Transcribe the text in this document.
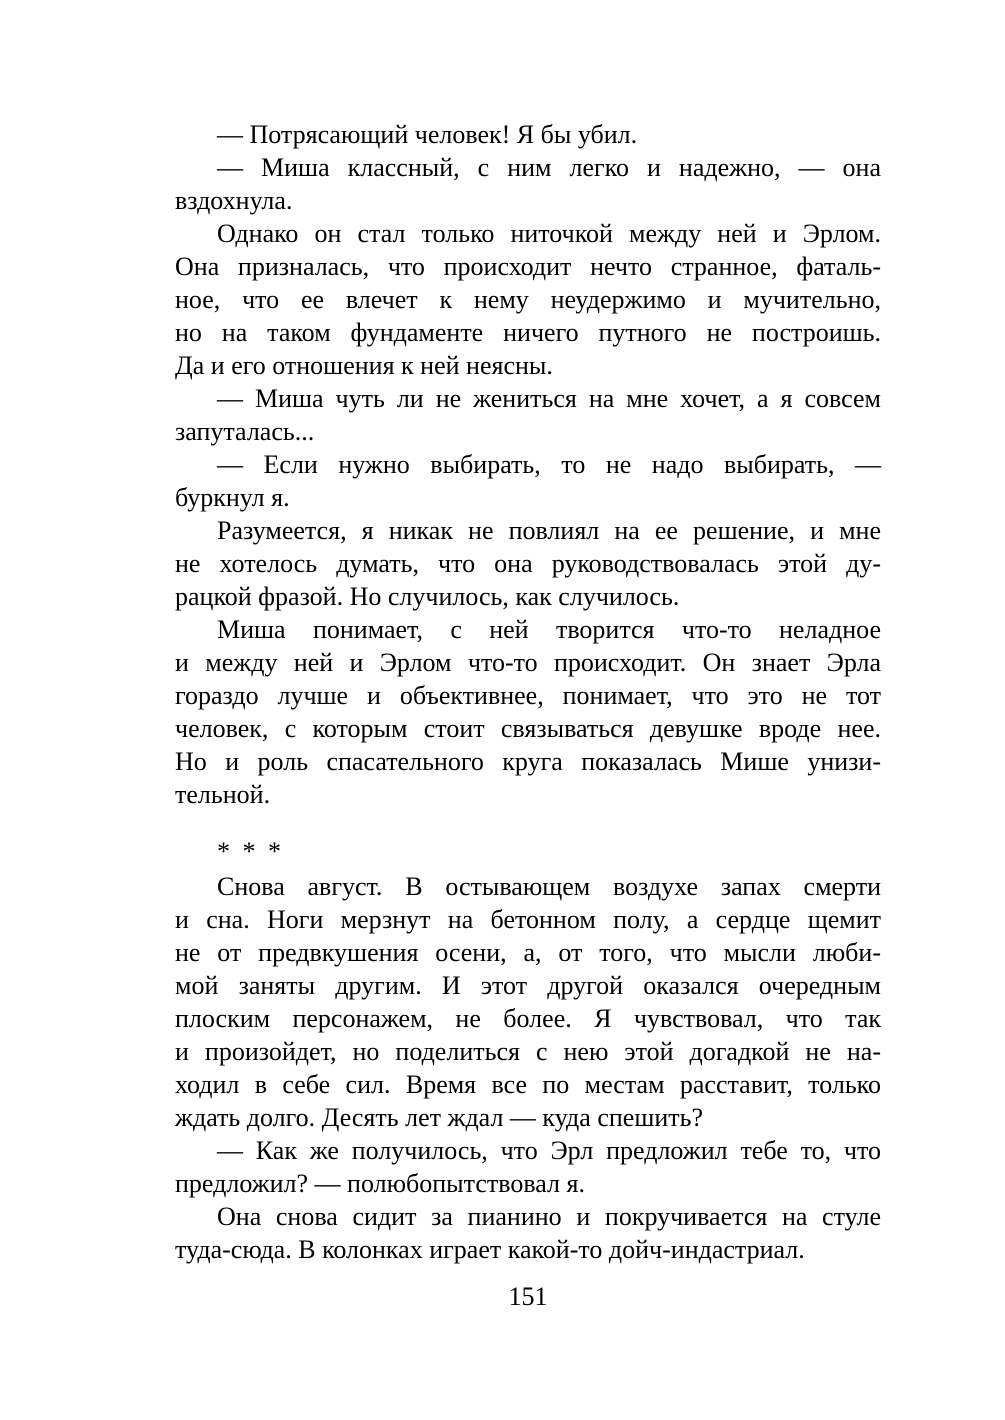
— Потрясающий человек! Я бы убил.

— Миша классный, с ним легко и надежно, — она
вздохнула.

Однако он стал только ниточкой между ней и Эрлом.
Она призналась, что происходит нечто странное, фаталь-
ное, что ее влечет к нему неудержимо и мучительно,
но на таком фундаменте ничего путного не построишь.
Да и его отношения к ней неясны.

— Миша чуть ли не жениться на мне хочет, а я совсем
запуталась...

— Если нужно выбирать, то не надо выбирать, —
буркнул я.

Разумеется, я никак не повлиял на ее решение, и мне
не хотелось думать, что она руководствовалась этой ду-
рацкой фразой. Но случилось, как случилось.

Миша понимает, с ней творится что-то неладное
и между ней и Эрлом что-то происходит. Он знает Эрла
гораздо лучше и объективнее, понимает, что это не тот
человек, с которым стоит связываться девушке вроде нее.
Но и роль спасательного круга показалась Мише унизи-
тельной.

* * *

Снова август. В остывающем воздухе запах смерти
и сна. Ноги мерзнут на бетонном полу, а сердце щемит
не от предвкушения осени, а, от того, что мысли люби-
мой заняты другим. И этот другой оказался очередным
плоским персонажем, не более. Я чувствовал, что так
и произойдет, но поделиться с нею этой догадкой не на-
ходил в себе сил. Время все по местам расставит, только
ждать долго. Десять лет ждал — куда спешить?

— Как же получилось, что Эрл предложил тебе то, что
предложил? — полюбопытствовал я.

Она снова сидит за пианино и покручивается на стуле
туда-сюда. В колонках играет какой-то дойч-индастриал.

151
